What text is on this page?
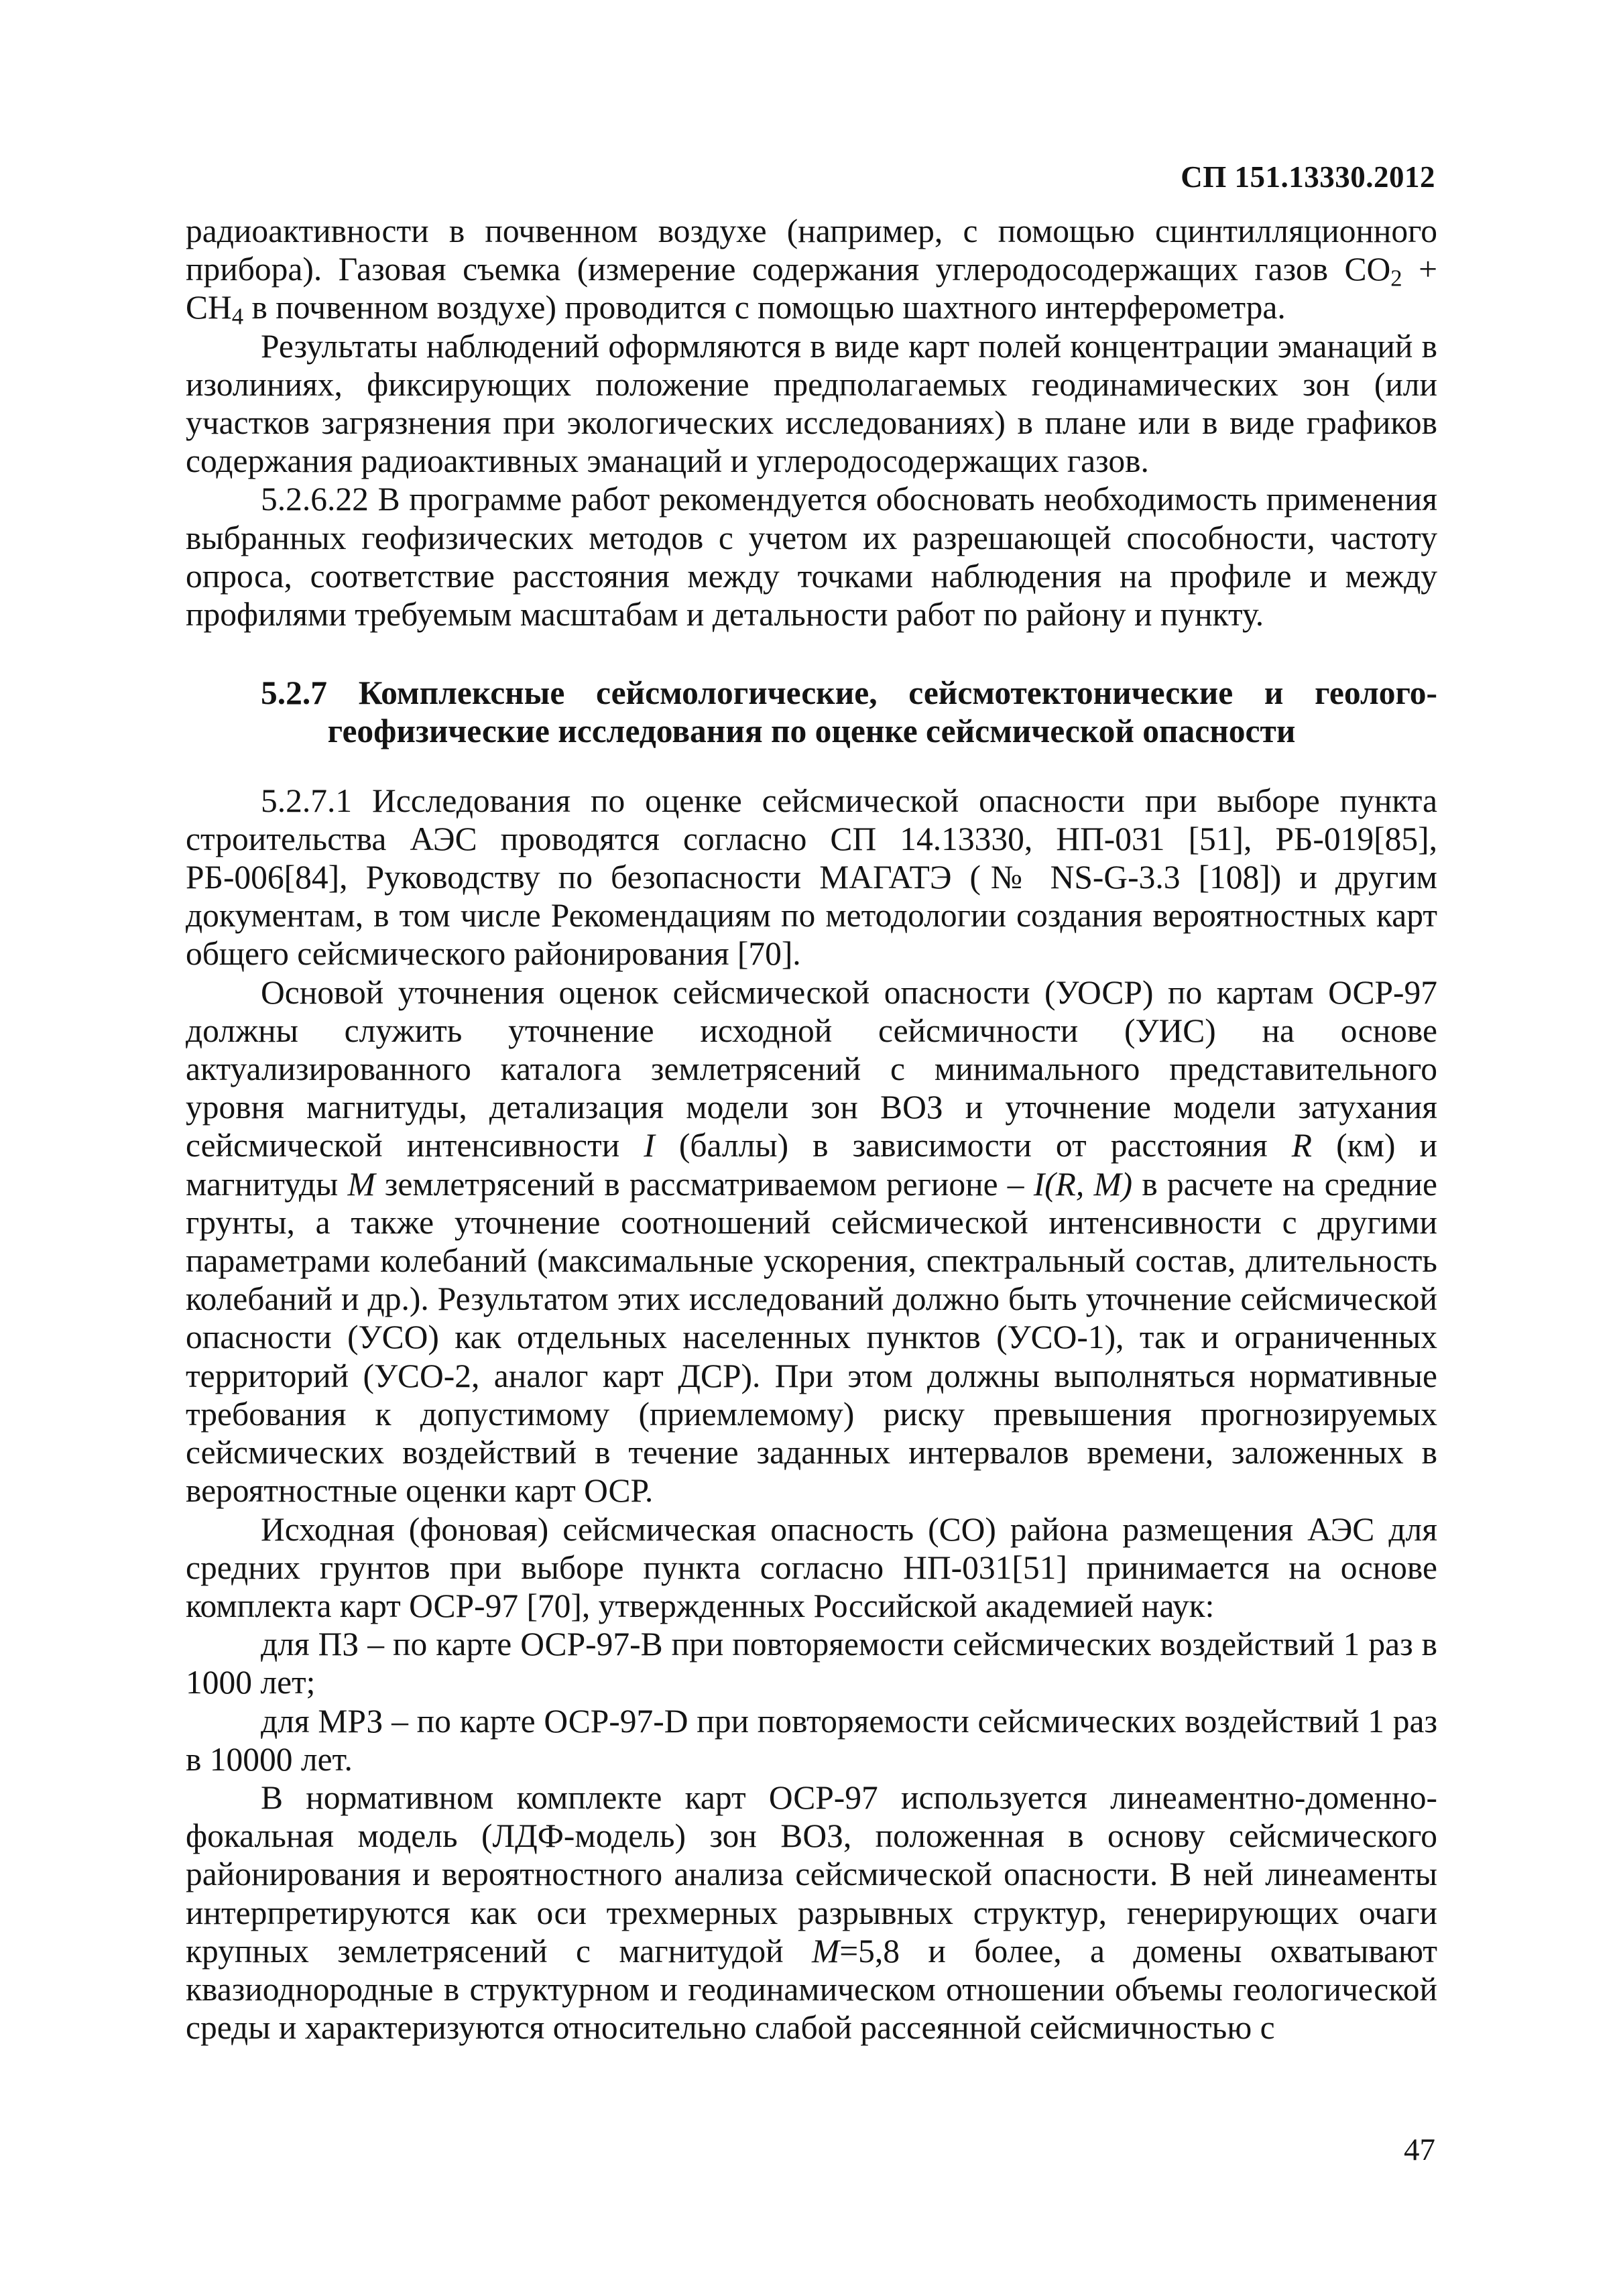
СП 151.13330.2012

радиоактивности в почвенном воздухе (например, с помощью сцинтилляционного прибора). Газовая съемка (измерение содержания углеродосодержащих газов $CO_2 + CH_4$ в почвенном воздухе) проводится с помощью шахтного интерферометра.

Результаты наблюдений оформляются в виде карт полей концентрации эманаций в изолиниях, фиксирующих положение предполагаемых геодинамических зон (или участков загрязнения при экологических исследованиях) в плане или в виде графиков содержания радиоактивных эманаций и углеродосодержащих газов.

5.2.6.22 В программе работ рекомендуется обосновать необходимость применения выбранных геофизических методов с учетом их разрешающей способности, частоту опроса, соответствие расстояния между точками наблюдения на профиле и между профилями требуемым масштабам и детальности работ по району и пункту.

5.2.7 Комплексные сейсмологические, сейсмотектонические и геолого-
геофизические исследования по оценке сейсмической опасности

5.2.7.1 Исследования по оценке сейсмической опасности при выборе пункта строительства АЭС проводятся согласно СП 14.13330, НП-031 [51], РБ-019[85], РБ-006[84], Руководству по безопасности МАГАТЭ (№ NS-G-3.3 [108]) и другим документам, в том числе Рекомендациям по методологии создания вероятностных карт общего сейсмического районирования [70].

Основой уточнения оценок сейсмической опасности (УОСР) по картам ОСР-97 должны служить уточнение исходной сейсмичности (УИС) на основе актуализированного каталога землетрясений с минимального представительного уровня магнитуды, детализация модели зон ВОЗ и уточнение модели затухания сейсмической интенсивности I (баллы) в зависимости от расстояния R (км) и магнитуды M землетрясений в рассматриваемом регионе – I(R, M) в расчете на средние грунты, а также уточнение соотношений сейсмической интенсивности с другими параметрами колебаний (максимальные ускорения, спектральный состав, длительность колебаний и др.). Результатом этих исследований должно быть уточнение сейсмической опасности (УСО) как отдельных населенных пунктов (УСО-1), так и ограниченных территорий (УСО-2, аналог карт ДСР). При этом должны выполняться нормативные требования к допустимому (приемлемому) риску превышения прогнозируемых сейсмических воздействий в течение заданных интервалов времени, заложенных в вероятностные оценки карт ОСР.

Исходная (фоновая) сейсмическая опасность (СО) района размещения АЭС для средних грунтов при выборе пункта согласно НП-031[51] принимается на основе комплекта карт ОСР-97 [70], утвержденных Российской академией наук:

для ПЗ – по карте ОСР-97-В при повторяемости сейсмических воздействий 1 раз в 1000 лет;

для МРЗ – по карте ОСР-97-D при повторяемости сейсмических воздействий 1 раз в 10000 лет.

В нормативном комплекте карт ОСР-97 используется линеаментно-доменно-фокальная модель (ЛДФ-модель) зон ВОЗ, положенная в основу сейсмического районирования и вероятностного анализа сейсмической опасности. В ней линеаменты интерпретируются как оси трехмерных разрывных структур, генерирующих очаги крупных землетрясений с магнитудой M=5,8 и более, а домены охватывают квазиоднородные в структурном и геодинамическом отношении объемы геологической среды и характеризуются относительно слабой рассеянной сейсмичностью с

47
